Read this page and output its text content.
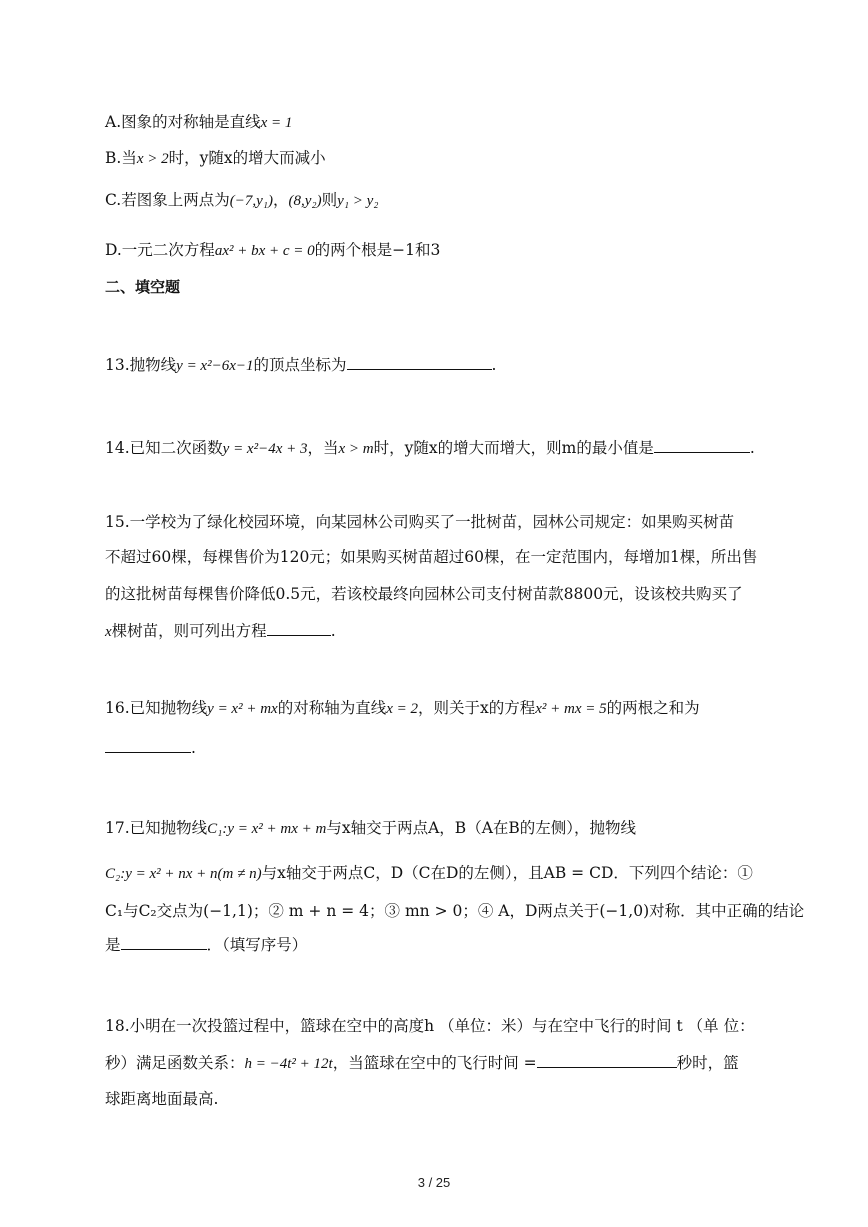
A.图象的对称轴是直线x = 1
B.当x > 2时，y随x的增大而减小
C.若图象上两点为(−7,y₁)，(8,y₂)则y₁ > y₂
D.一元二次方程ax² + bx + c = 0的两个根是−1和3
二、填空题
13.抛物线y = x²−6x−1的顶点坐标为	.
14.已知二次函数y = x²−4x + 3，当x > m时，y随x的增大而增大，则m的最小值是	.
15.一学校为了绿化校园环境，向某园林公司购买了一批树苗，园林公司规定：如果购买树苗
不超过60棵，每棵售价为120元；如果购买树苗超过60棵，在一定范围内，每增加1棵，所出售
的这批树苗每棵售价降低0.5元，若该校最终向园林公司支付树苗款8800元，设该校共购买了
x棵树苗，则可列出方程	.
16.已知抛物线y = x² + mx的对称轴为直线x = 2，则关于x的方程x² + mx = 5的两根之和为
.
17.已知抛物线C₁:y = x² + mx + m与x轴交于两点A，B（A在B的左侧），抛物线
C₂:y = x² + nx + n(m ≠ n)与x轴交于两点C，D（C在D的左侧），且AB = CD．下列四个结论：①
C₁与C₂交点为(−1,1)；② m + n = 4；③ mn > 0；④ A，D两点关于(−1,0)对称．其中正确的结论
是	．（填写序号）
18.小明在一次投篮过程中，篮球在空中的高度h （单位：米）与在空中飞行的时间 t （单 位：
秒）满足函数关系：h = −4t² + 12t，当篮球在空中的飞行时间 =	秒时，篮
球距离地面最高.
3 / 25
